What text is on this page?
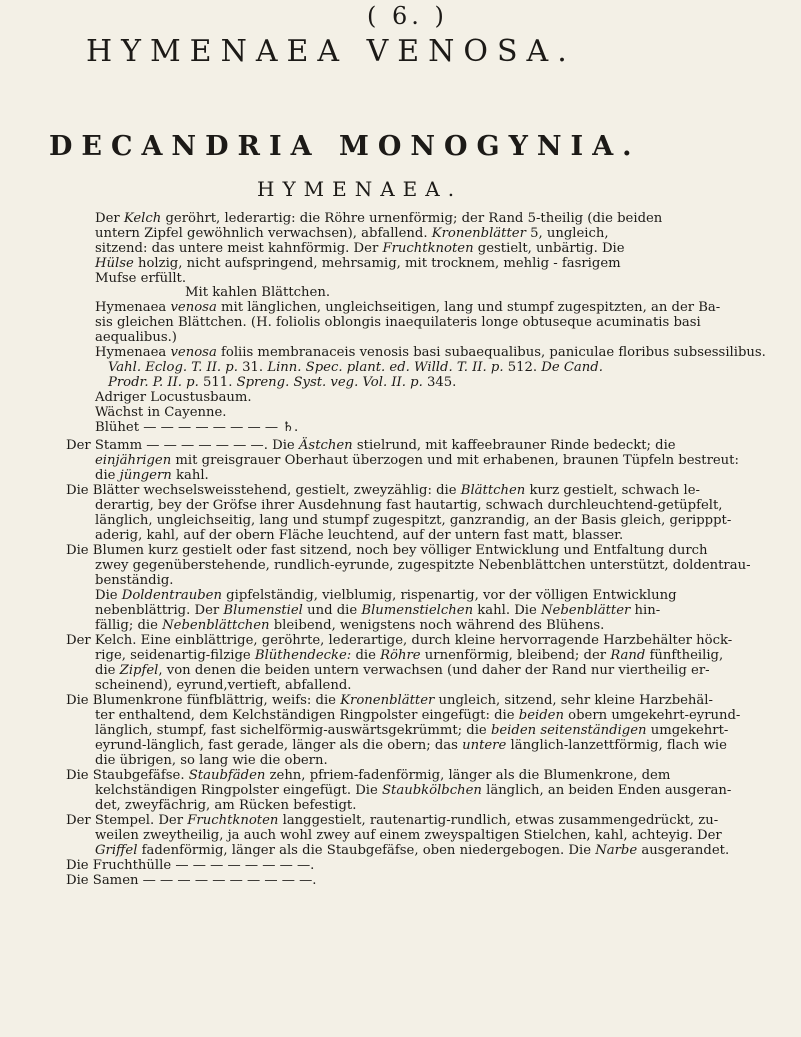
( 6. )
HYMENAEA VENOSA.
DECANDRIA MONOGYNIA.
HYMENAEA.
Der Kelch geröhrt, lederartig: die Röhre urnenförmig; der Rand 5-theilig (die beiden
untern Zipfel gewöhnlich verwachsen), abfallend. Kronenblätter 5, ungleich,
sitzend: das untere meist kahnförmig. Der Fruchtknoten gestielt, unbärtig. Die
Hülse holzig, nicht aufspringend, mehrsamig, mit trocknem, mehlig - fasrigem
Mufse erfüllt.
Mit kahlen Blättchen.
Hymenaea venosa mit länglichen, ungleichseitigen, lang und stumpf zugespitzten, an der Ba-
sis gleichen Blättchen. (H. foliolis oblongis inaequilateris longe obtuseque acuminatis basi
aequalibus.)
Hymenaea venosa foliis membranaceis venosis basi subaequalibus, paniculae floribus subsessilibus.
Vahl. Eclog. T. II. p. 31. Linn. Spec. plant. ed. Willd. T. II. p. 512. De Cand.
Prodr. P. II. p. 511. Spreng. Syst. veg. Vol. II. p. 345.
Adriger Locustusbaum.
Wächst in Cayenne.
Blühet — — — — — — — — ♄.
Der Stamm — — — — — — —. Die Ästchen stielrund, mit kaffeebrauner Rinde bedeckt; die
einjährigen mit greisgrauer Oberhaut überzogen und mit erhabenen, braunen Tüpfeln bestreut:
die jüngern kahl.
Die Blätter wechselsweisstehend, gestielt, zweyzählig: die Blättchen kurz gestielt, schwach le-
derartig, bey der Gröfse ihrer Ausdehnung fast hautartig, schwach durchleuchtend-getüpfelt,
länglich, ungleichseitig, lang und stumpf zugespitzt, ganzrandig, an der Basis gleich, geripppt-
aderig, kahl, auf der obern Fläche leuchtend, auf der untern fast matt, blasser.
Die Blumen kurz gestielt oder fast sitzend, noch bey völliger Entwicklung und Entfaltung durch
zwey gegenüberstehende, rundlich-eyrunde, zugespitzte Nebenblättchen unterstützt, doldentrau-
benständig.
Die Doldentrauben gipfelständig, vielblumig, rispenartig, vor der völligen Entwicklung
nebenblättrig. Der Blumenstiel und die Blumenstielchen kahl. Die Nebenblätter hin-
fällig; die Nebenblättchen bleibend, wenigstens noch während des Blühens.
Der Kelch. Eine einblättrige, geröhrte, lederartige, durch kleine hervorragende Harzbehälter höck-
rige, seidenartig-filzige Blüthendecke: die Röhre urnenförmig, bleibend; der Rand fünftheilig,
die Zipfel, von denen die beiden untern verwachsen (und daher der Rand nur viertheilig er-
scheinend), eyrund,vertieft, abfallend.
Die Blumenkrone fünfblättrig, weifs: die Kronenblätter ungleich, sitzend, sehr kleine Harzbehäl-
ter enthaltend, dem Kelchständigen Ringpolster eingefügt: die beiden obern umgekehrt-eyrund-
länglich, stumpf, fast sichelförmig-auswärtsgekrümmt; die beiden seitenständigen umgekehrt-
eyrund-länglich, fast gerade, länger als die obern; das untere länglich-lanzettförmig, flach wie
die übrigen, so lang wie die obern.
Die Staubgefäfse. Staubfäden zehn, pfriem-fadenförmig, länger als die Blumenkrone, dem
kelchständigen Ringpolster eingefügt. Die Staubkölbchen länglich, an beiden Enden ausgeran-
det, zweyfächrig, am Rücken befestigt.
Der Stempel. Der Fruchtknoten langgestielt, rautenartig-rundlich, etwas zusammengedrückt, zu-
weilen zweytheilig, ja auch wohl zwey auf einem zweyspaltigen Stielchen, kahl, achteyig. Der
Griffel fadenförmig, länger als die Staubgefäfse, oben niedergebogen. Die Narbe ausgerandet.
Die Fruchthülle — — — — — — — —.
Die Samen — — — — — — — — — —.
